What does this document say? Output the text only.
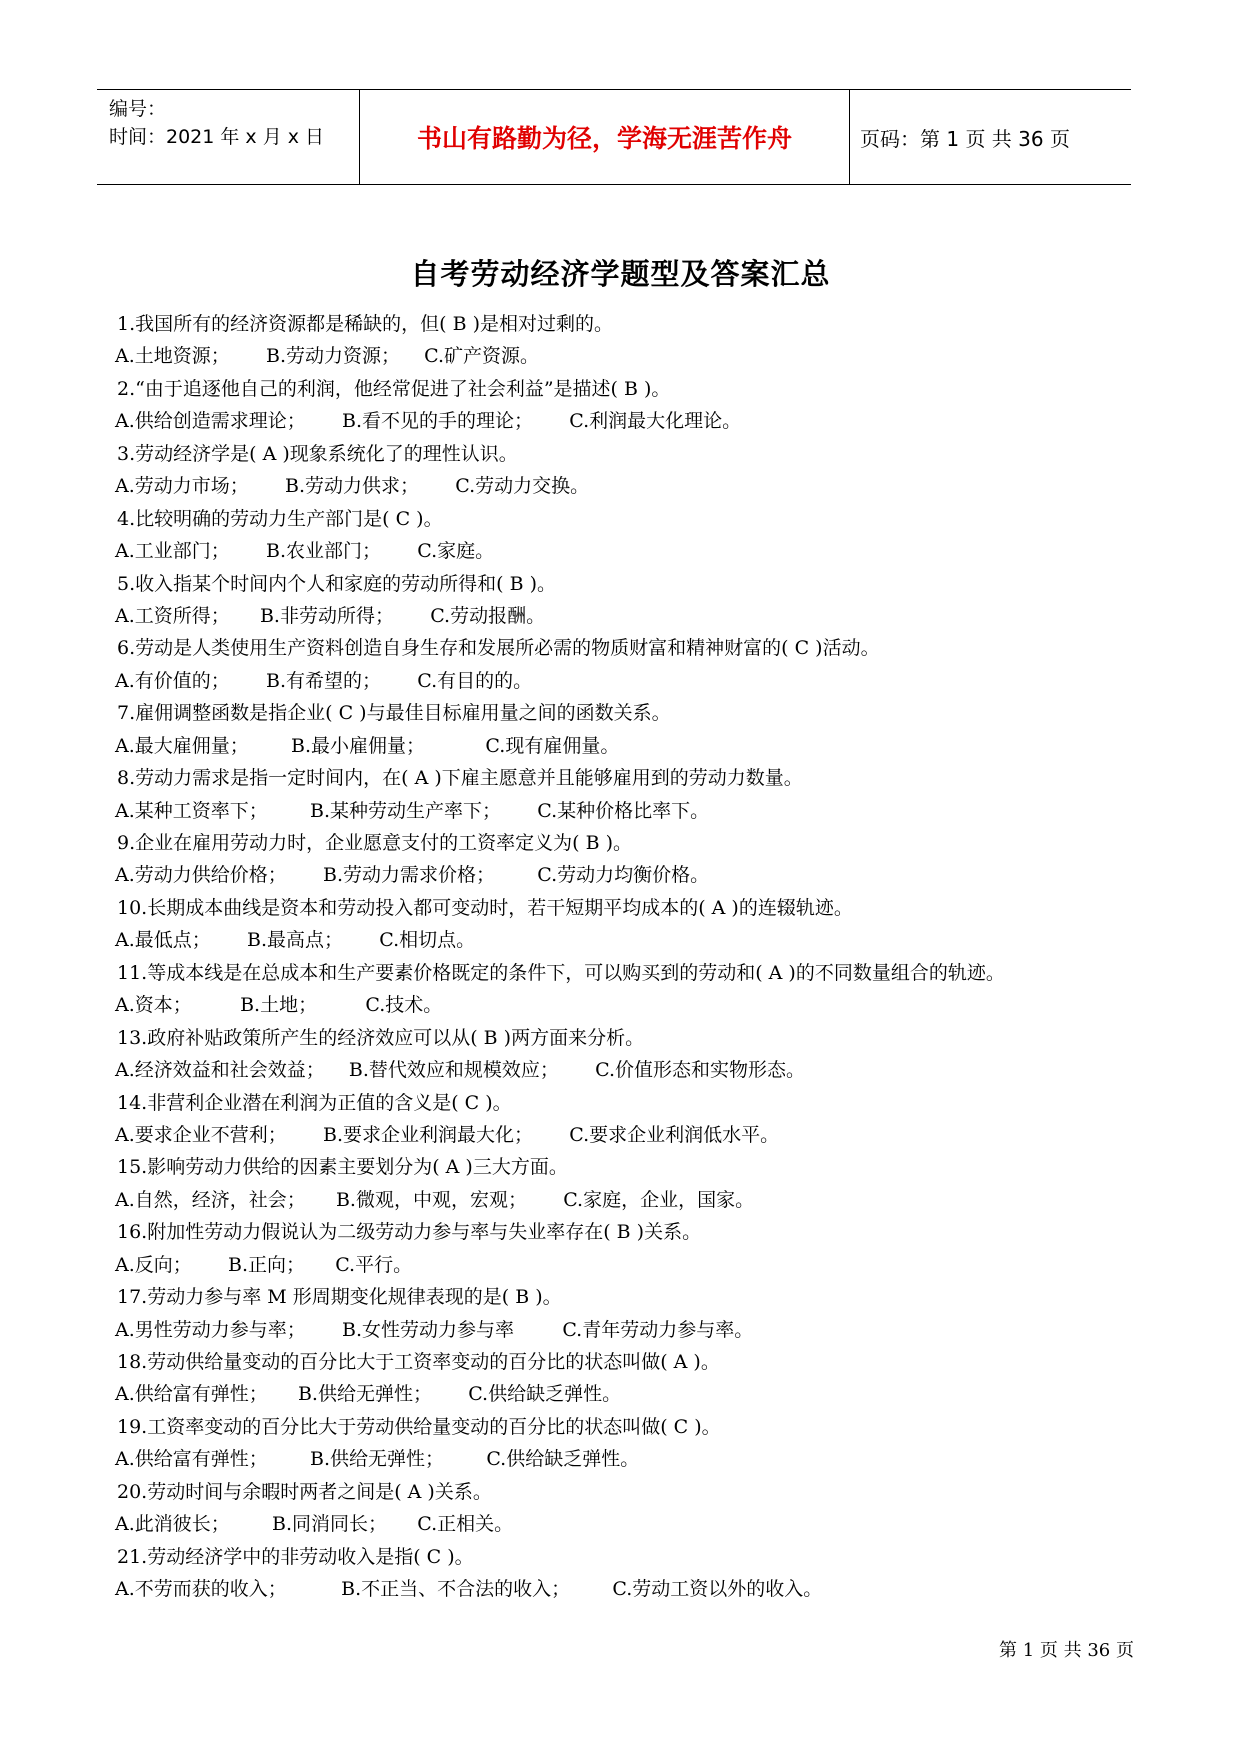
编号：
时间：2021 年 x 月 x 日	书山有路勤为径，学海无涯苦作舟	页码：第 1 页 共 36 页
自考劳动经济学题型及答案汇总
1.我国所有的经济资源都是稀缺的，但( B )是相对过剩的。
A.土地资源；      B.劳动力资源；    C.矿产资源。
2.“由于追逐他自己的利润，他经常促进了社会利益”是描述( B )。
A.供给创造需求理论；      B.看不见的手的理论；      C.利润最大化理论。
3.劳动经济学是( A )现象系统化了的理性认识。
A.劳动力市场；      B.劳动力供求；      C.劳动力交换。
4.比较明确的劳动力生产部门是( C )。
A.工业部门；      B.农业部门；      C.家庭。
5.收入指某个时间内个人和家庭的劳动所得和( B )。
A.工资所得；     B.非劳动所得；      C.劳动报酬。
6.劳动是人类使用生产资料创造自身生存和发展所必需的物质财富和精神财富的( C )活动。
A.有价值的；      B.有希望的；      C.有目的的。
7.雇佣调整函数是指企业( C )与最佳目标雇用量之间的函数关系。
A.最大雇佣量；       B.最小雇佣量；          C.现有雇佣量。
8.劳动力需求是指一定时间内，在( A )下雇主愿意并且能够雇用到的劳动力数量。
A.某种工资率下；       B.某种劳动生产率下；      C.某种价格比率下。
9.企业在雇用劳动力时，企业愿意支付的工资率定义为( B )。
A.劳动力供给价格；      B.劳动力需求价格；       C.劳动力均衡价格。
10.长期成本曲线是资本和劳动投入都可变动时，若干短期平均成本的( A )的连辍轨迹。
A.最低点；      B.最高点；      C.相切点。
11.等成本线是在总成本和生产要素价格既定的条件下，可以购买到的劳动和( A )的不同数量组合的轨迹。
A.资本；        B.土地；        C.技术。
13.政府补贴政策所产生的经济效应可以从( B )两方面来分析。
A.经济效益和社会效益；    B.替代效应和规模效应；      C.价值形态和实物形态。
14.非营利企业潜在利润为正值的含义是( C )。
A.要求企业不营利；      B.要求企业利润最大化；      C.要求企业利润低水平。
15.影响劳动力供给的因素主要划分为( A )三大方面。
A.自然，经济，社会；     B.微观，中观，宏观；      C.家庭，企业，国家。
16.附加性劳动力假说认为二级劳动力参与率与失业率存在( B )关系。
A.反向；      B.正向；     C.平行。
17.劳动力参与率 M 形周期变化规律表现的是( B )。
A.男性劳动力参与率；      B.女性劳动力参与率        C.青年劳动力参与率。
18.劳动供给量变动的百分比大于工资率变动的百分比的状态叫做( A )。
A.供给富有弹性；     B.供给无弹性；      C.供给缺乏弹性。
19.工资率变动的百分比大于劳动供给量变动的百分比的状态叫做( C )。
A.供给富有弹性；       B.供给无弹性；       C.供给缺乏弹性。
20.劳动时间与余暇时两者之间是( A )关系。
A.此消彼长；       B.同消同长；     C.正相关。
21.劳动经济学中的非劳动收入是指( C )。
A.不劳而获的收入；         B.不正当、不合法的收入；       C.劳动工资以外的收入。
第 1 页 共 36 页
